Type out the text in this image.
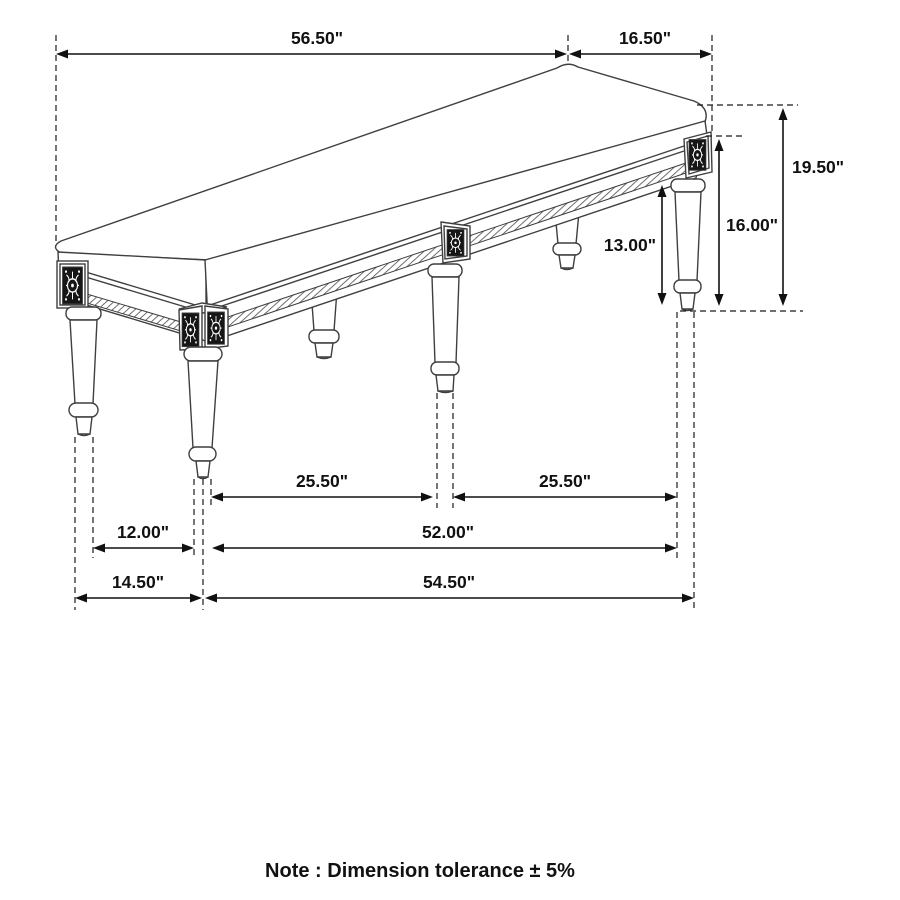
56.50"	16.50"
19.50"
16.00"
13.00"
25.50"	25.50"
12.00"	52.00"
14.50"	54.50"
Note : Dimension tolerance ± 5%
